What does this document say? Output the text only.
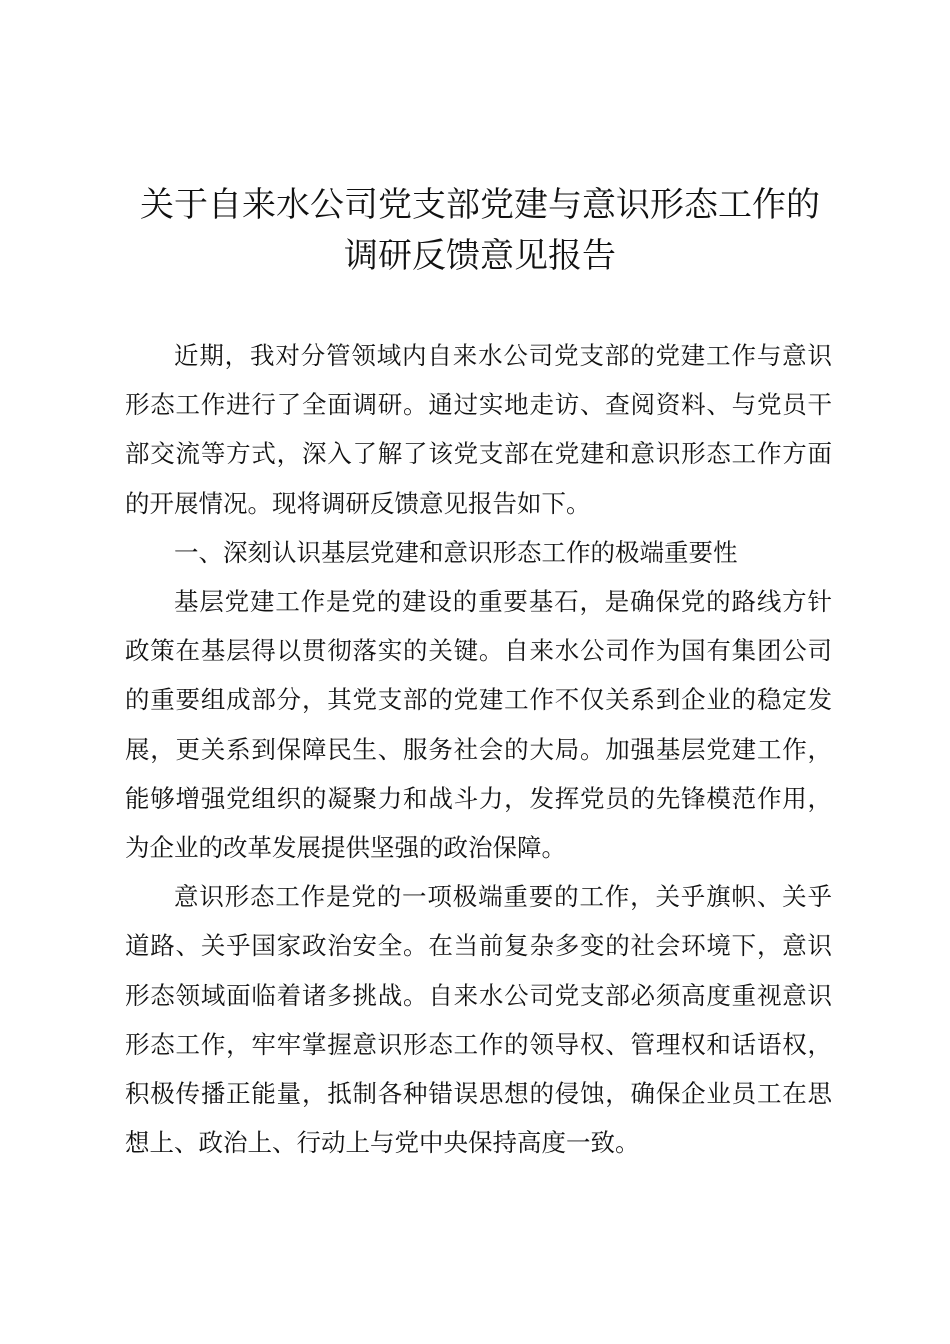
关于自来水公司党支部党建与意识形态工作的
调研反馈意见报告

近期，我对分管领域内自来水公司党支部的党建工作与意识形态工作进行了全面调研。通过实地走访、查阅资料、与党员干部交流等方式，深入了解了该党支部在党建和意识形态工作方面的开展情况。现将调研反馈意见报告如下。

一、深刻认识基层党建和意识形态工作的极端重要性

基层党建工作是党的建设的重要基石，是确保党的路线方针政策在基层得以贯彻落实的关键。自来水公司作为国有集团公司的重要组成部分，其党支部的党建工作不仅关系到企业的稳定发展，更关系到保障民生、服务社会的大局。加强基层党建工作，能够增强党组织的凝聚力和战斗力，发挥党员的先锋模范作用，为企业的改革发展提供坚强的政治保障。

意识形态工作是党的一项极端重要的工作，关乎旗帜、关乎道路、关乎国家政治安全。在当前复杂多变的社会环境下，意识形态领域面临着诸多挑战。自来水公司党支部必须高度重视意识形态工作，牢牢掌握意识形态工作的领导权、管理权和话语权，积极传播正能量，抵制各种错误思想的侵蚀，确保企业员工在思想上、政治上、行动上与党中央保持高度一致。
